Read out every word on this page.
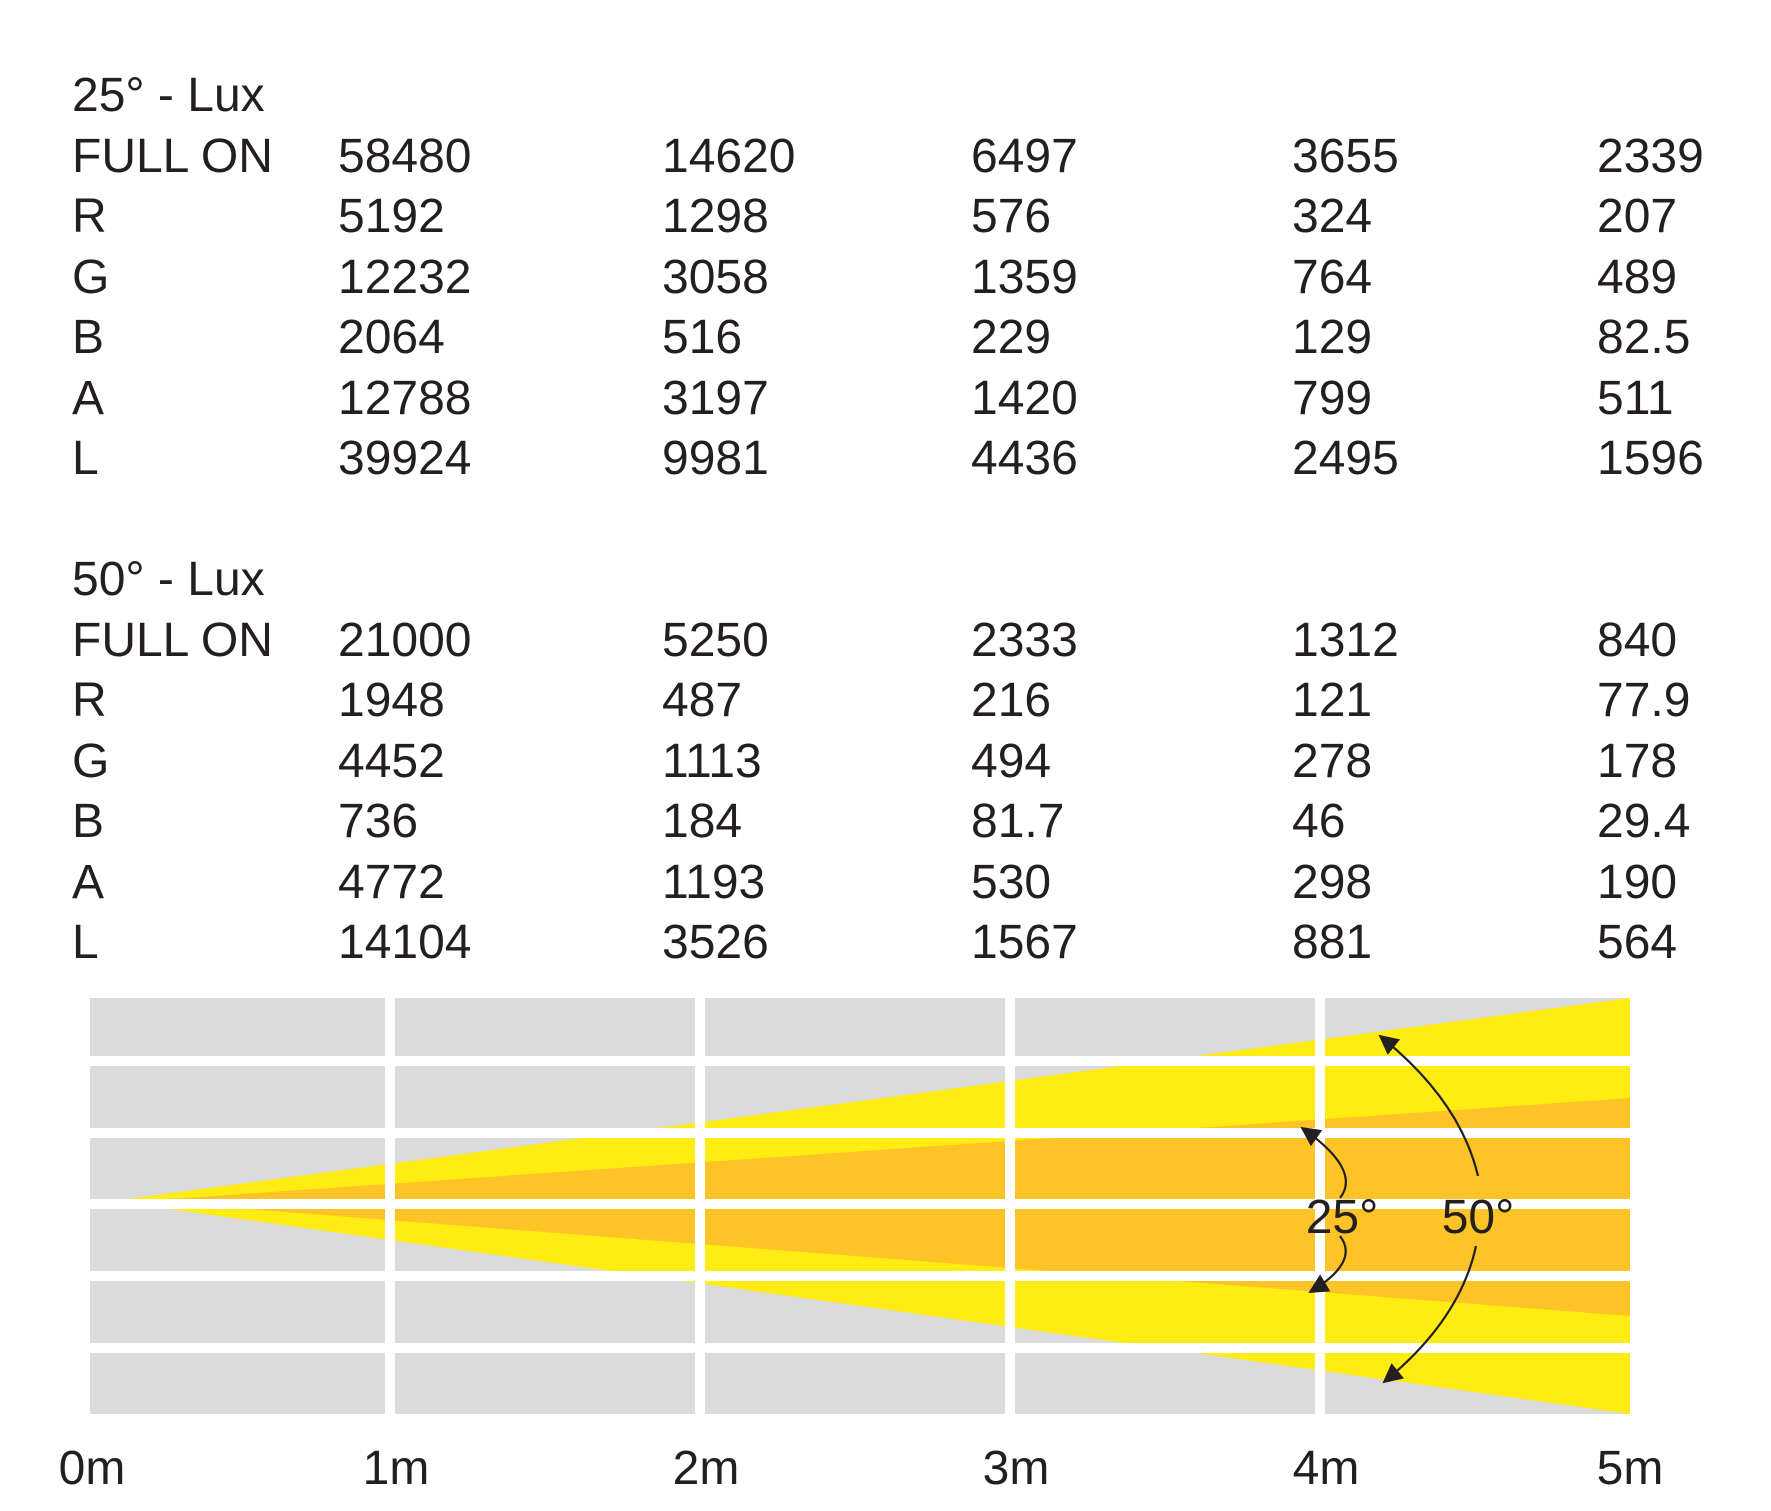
25° - Lux
FULL ON 58480	14620	6497	3655	2339
R	5192	1298	576	324	207
G	12232	3058	1359	764	489
B	2064	516	229	129	82.5
A	12788	3197	1420	799	511
L	39924	9981	4436	2495	1596
50° - Lux
FULL ON 21000	5250	2333	1312	840
R	1948	487	216	121	77.9
G	4452	1113	494	278	178
B	736	184	81.7	46	29.4
A	4772	1193	530	298	190
L	14104	3526	1567	881	564
25° 50°
0m	1m	2m	3m	4m	5m
